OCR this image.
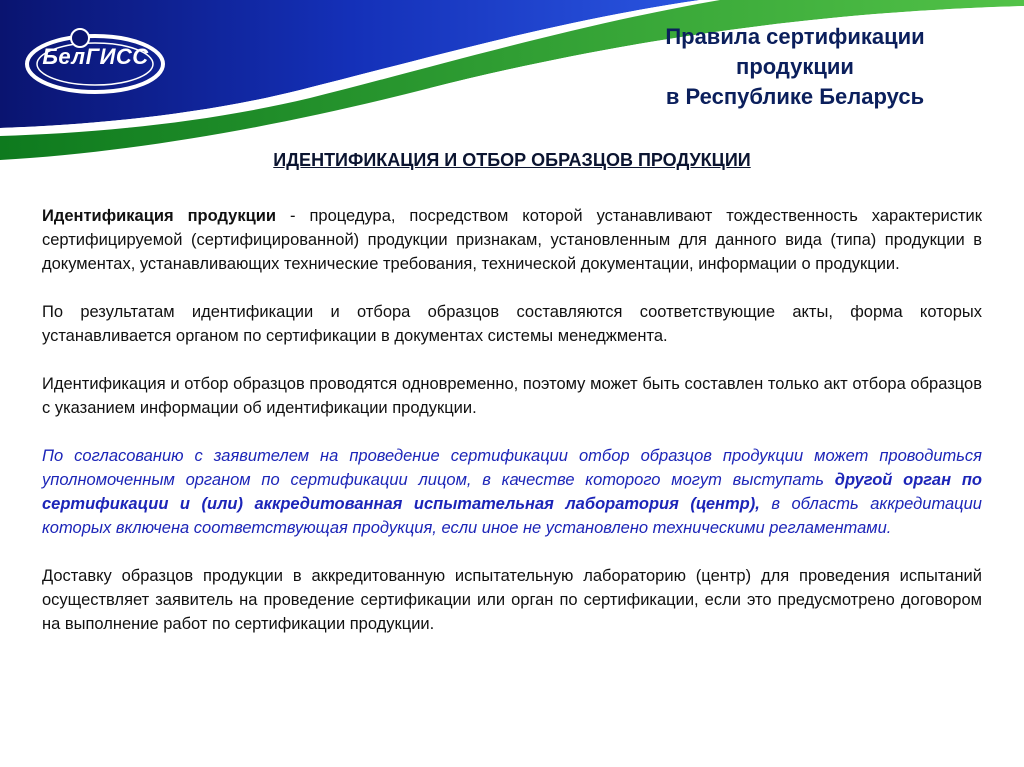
БелГИСС
Правила сертификации
продукции
в Республике Беларусь
ИДЕНТИФИКАЦИЯ И ОТБОР ОБРАЗЦОВ ПРОДУКЦИИ

Идентификация продукции - процедура, посредством которой устанавливают тождественность характеристик сертифицируемой (сертифицированной) продукции признакам, установленным для данного вида (типа) продукции в документах, устанавливающих технические требования, технической документации, информации о продукции.

По результатам идентификации и отбора образцов составляются соответствующие акты, форма которых устанавливается органом по сертификации в документах системы менеджмента.

Идентификация и отбор образцов проводятся одновременно, поэтому может быть составлен только акт отбора образцов с указанием информации об идентификации продукции.

По согласованию с заявителем на проведение сертификации отбор образцов продукции может проводиться уполномоченным органом по сертификации лицом, в качестве которого могут выступать другой орган по сертификации и (или) аккредитованная испытательная лаборатория (центр), в область аккредитации которых включена соответствующая продукция, если иное не установлено техническими регламентами.

Доставку образцов продукции в аккредитованную испытательную лабораторию (центр) для проведения испытаний осуществляет заявитель на проведение сертификации или орган по сертификации, если это предусмотрено договором на выполнение работ по сертификации продукции.
